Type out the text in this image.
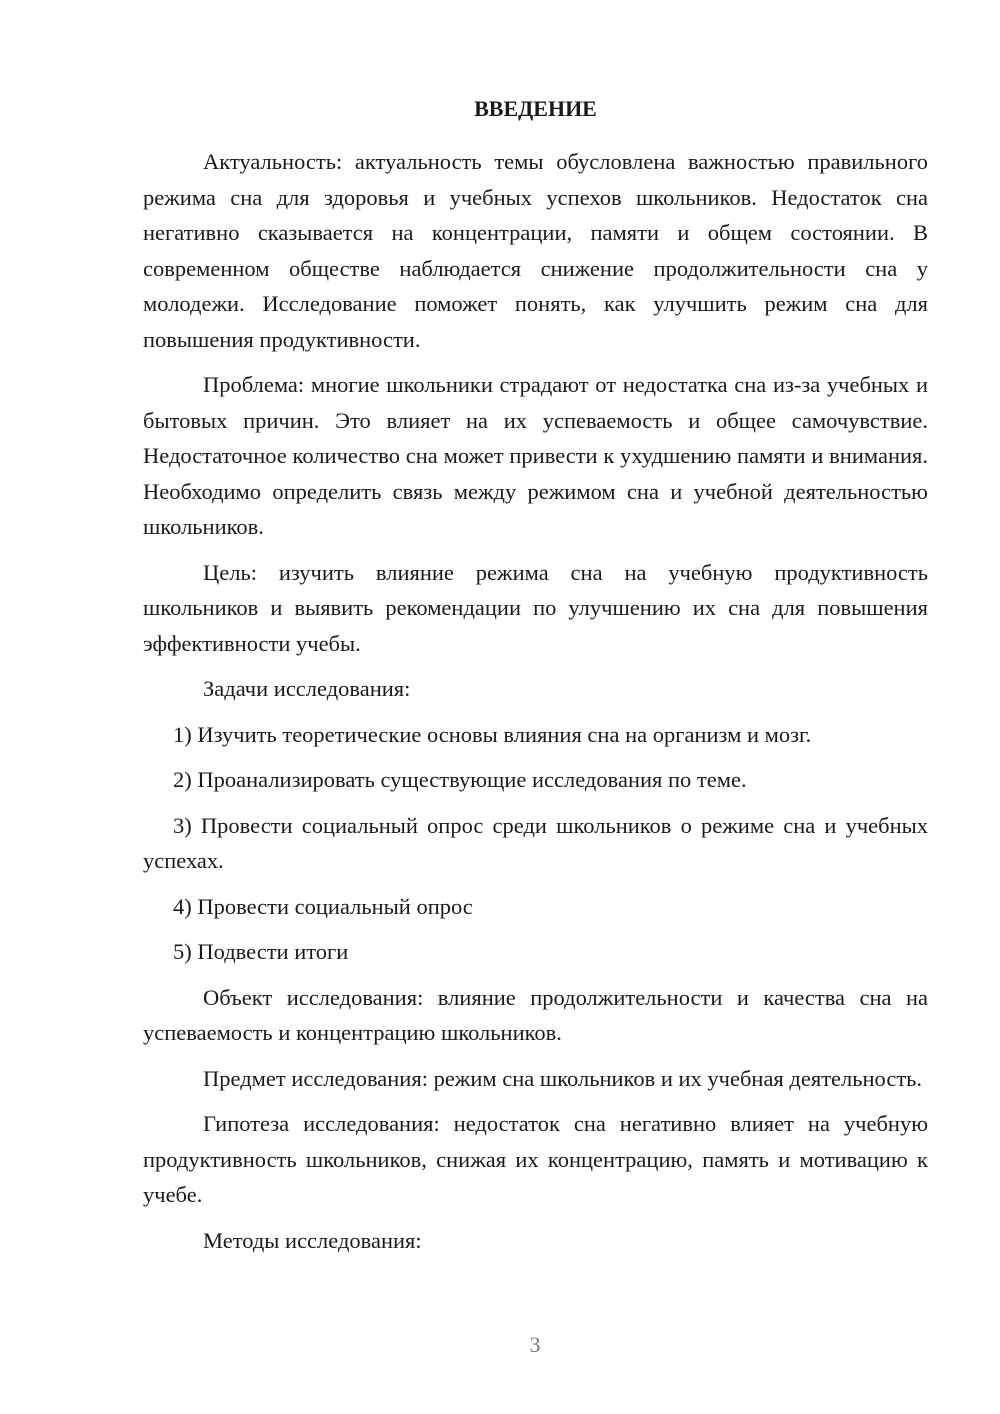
ВВЕДЕНИЕ

Актуальность: актуальность темы обусловлена важностью правильного режима сна для здоровья и учебных успехов школьников. Недостаток сна негативно сказывается на концентрации, памяти и общем состоянии. В современном обществе наблюдается снижение продолжительности сна у молодежи. Исследование поможет понять, как улучшить режим сна для повышения продуктивности.

Проблема: многие школьники страдают от недостатка сна из-за учебных и бытовых причин. Это влияет на их успеваемость и общее самочувствие. Недостаточное количество сна может привести к ухудшению памяти и внимания. Необходимо определить связь между режимом сна и учебной деятельностью школьников.

Цель: изучить влияние режима сна на учебную продуктивность школьников и выявить рекомендации по улучшению их сна для повышения эффективности учебы.

Задачи исследования:

1) Изучить теоретические основы влияния сна на организм и мозг.

2) Проанализировать существующие исследования по теме.

3) Провести социальный опрос среди школьников о режиме сна и учебных успехах.

4) Провести социальный опрос

5) Подвести итоги

Объект исследования: влияние продолжительности и качества сна на успеваемость и концентрацию школьников.

Предмет исследования: режим сна школьников и их учебная деятельность.

Гипотеза исследования: недостаток сна негативно влияет на учебную продуктивность школьников, снижая их концентрацию, память и мотивацию к учебе.

Методы исследования:

3
